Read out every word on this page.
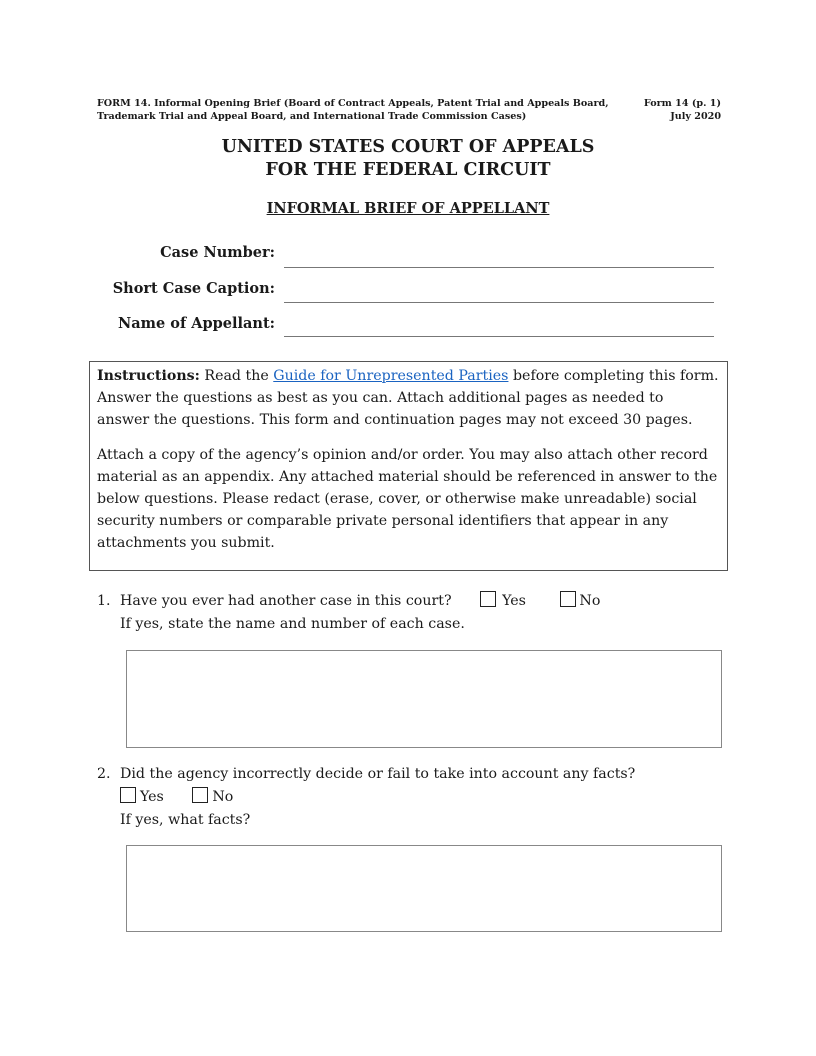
FORM 14. Informal Opening Brief (Board of Contract Appeals, Patent Trial and Appeals Board,	Form 14 (p. 1)
Trademark Trial and Appeal Board, and International Trade Commission Cases)	July 2020
UNITED STATES COURT OF APPEALS
FOR THE FEDERAL CIRCUIT
INFORMAL BRIEF OF APPELLANT
Case Number:
Short Case Caption:
Name of Appellant:

Instructions: Read the Guide for Unrepresented Parties before completing this form. Answer the questions as best as you can. Attach additional pages as needed to answer the questions. This form and continuation pages may not exceed 30 pages.

Attach a copy of the agency’s opinion and/or order. You may also attach other record material as an appendix. Any attached material should be referenced in answer to the below questions. Please redact (erase, cover, or otherwise make unreadable) social security numbers or comparable private personal identifiers that appear in any attachments you submit.

1. Have you ever had another case in this court?	Yes	No
If yes, state the name and number of each case.
2. Did the agency incorrectly decide or fail to take into account any facts?
Yes	No
If yes, what facts?
